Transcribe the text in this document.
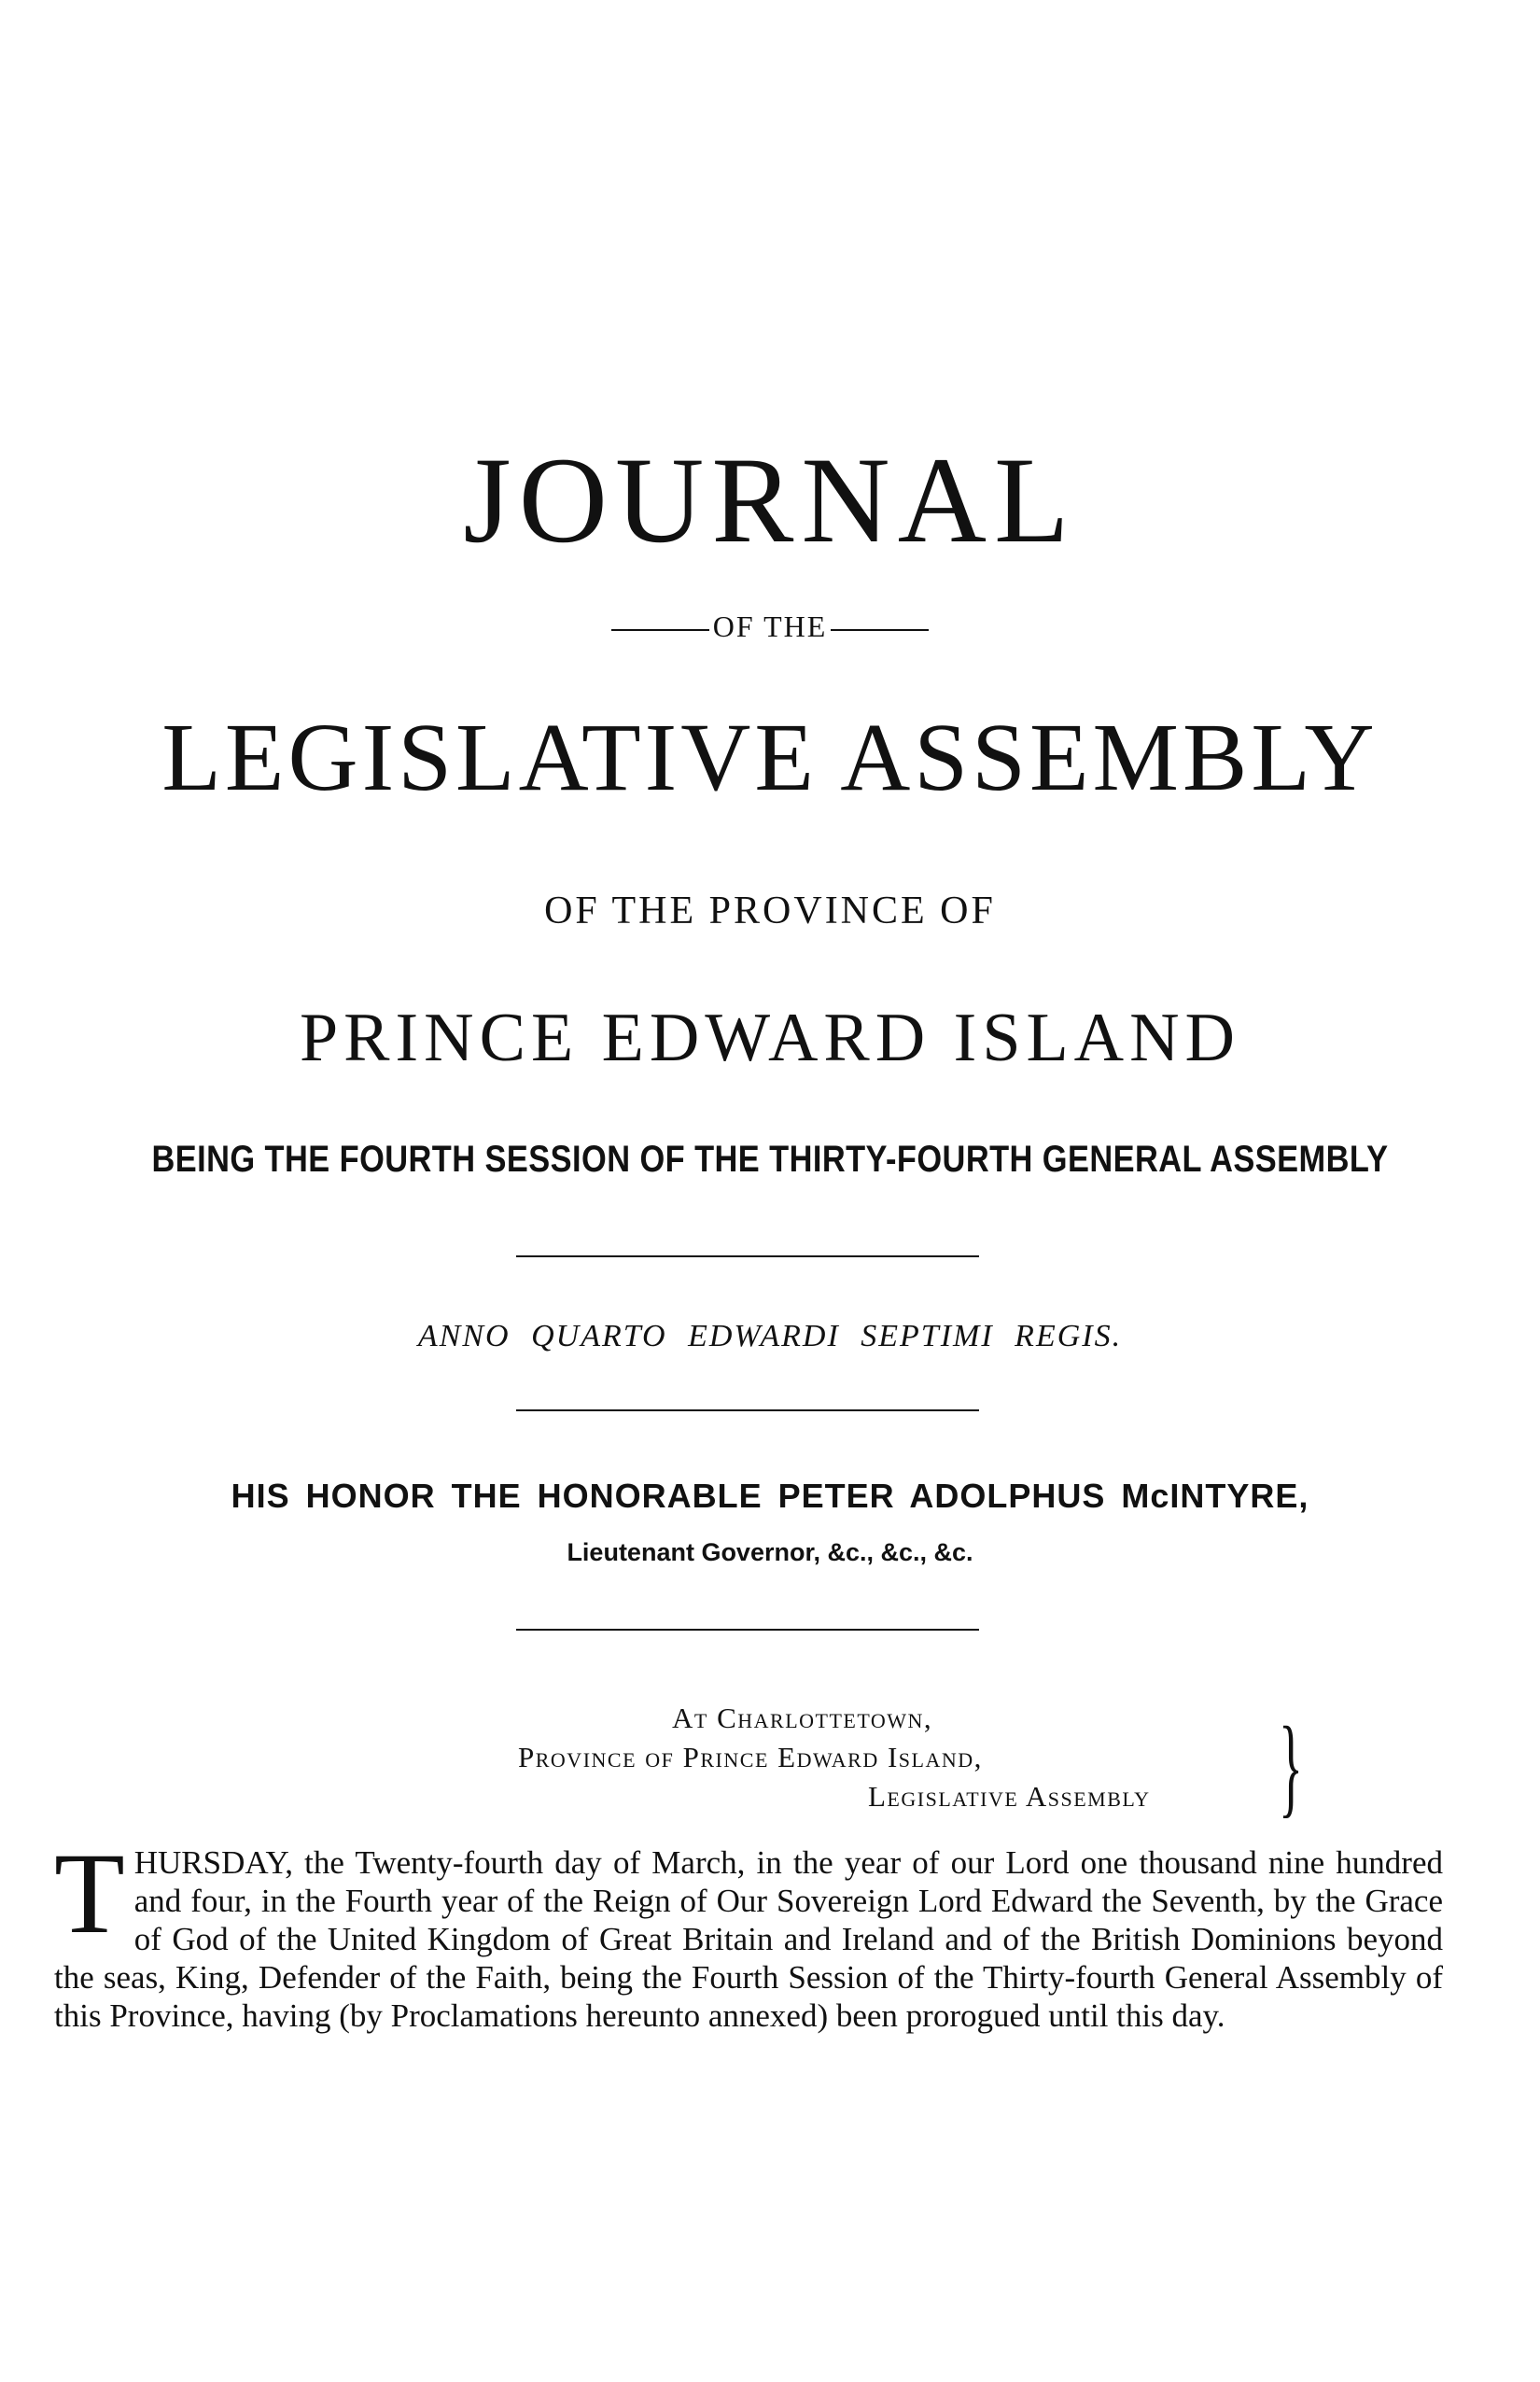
JOURNAL
OF THE
LEGISLATIVE ASSEMBLY
OF THE PROVINCE OF
PRINCE EDWARD ISLAND
BEING THE FOURTH SESSION OF THE THIRTY-FOURTH GENERAL ASSEMBLY
ANNO QUARTO EDWARDI SEPTIMI REGIS.
HIS HONOR THE HONORABLE PETER ADOLPHUS McINTYRE,
Lieutenant Governor, &c., &c., &c.
At Charlottetown,
Province of Prince Edward Island,
Legislative Assembly	}
THURSDAY, the Twenty-fourth day of March, in the year of our Lord one thousand nine hundred and four, in the Fourth year of the Reign of Our Sovereign Lord Edward the Seventh, by the Grace of God of the United Kingdom of Great Britain and Ireland and of the British Dominions beyond the seas, King, Defender of the Faith, being the Fourth Session of the Thirty-fourth General Assembly of this Province, having (by Proclamations hereunto annexed) been prorogued until this day.
